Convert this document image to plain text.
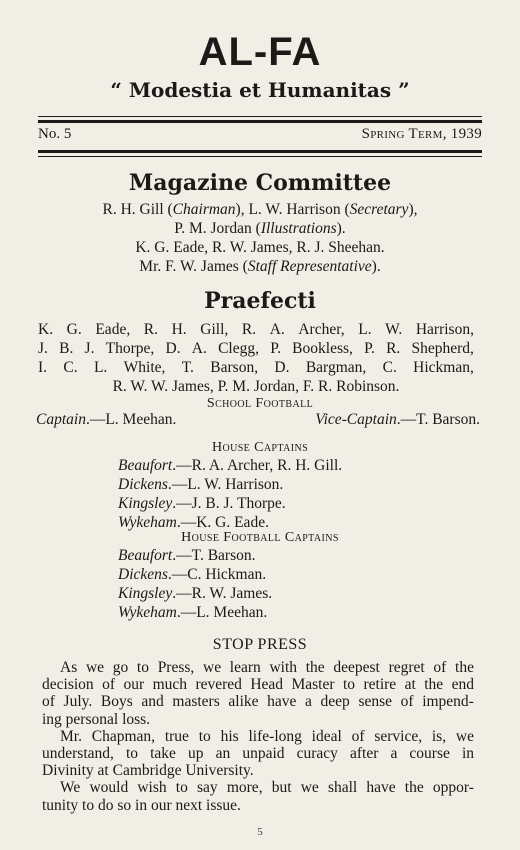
AL-FA
“ Modestia et Humanitas ”
No. 5	Spring Term, 1939
Magazine Committee
R. H. Gill (Chairman), L. W. Harrison (Secretary),
P. M. Jordan (Illustrations).
K. G. Eade, R. W. James, R. J. Sheehan.
Mr. F. W. James (Staff Representative).
Praefecti
K. G. Eade, R. H. Gill, R. A. Archer, L. W. Harrison,
J. B. J. Thorpe, D. A. Clegg, P. Bookless, P. R. Shepherd,
I. C. L. White, T. Barson, D. Bargman, C. Hickman,
R. W. W. James, P. M. Jordan, F. R. Robinson.
School Football
Captain.—L. Meehan.	Vice-Captain.—T. Barson.
House Captains
Beaufort.—R. A. Archer, R. H. Gill.
Dickens.—L. W. Harrison.
Kingsley.—J. B. J. Thorpe.
Wykeham.—K. G. Eade.
House Football Captains
Beaufort.—T. Barson.
Dickens.—C. Hickman.
Kingsley.—R. W. James.
Wykeham.—L. Meehan.
STOP PRESS
As we go to Press, we learn with the deepest regret of the
decision of our much revered Head Master to retire at the end
of July. Boys and masters alike have a deep sense of impend-
ing personal loss.
Mr. Chapman, true to his life-long ideal of service, is, we
understand, to take up an unpaid curacy after a course in
Divinity at Cambridge University.
We would wish to say more, but we shall have the oppor-
tunity to do so in our next issue.
5
